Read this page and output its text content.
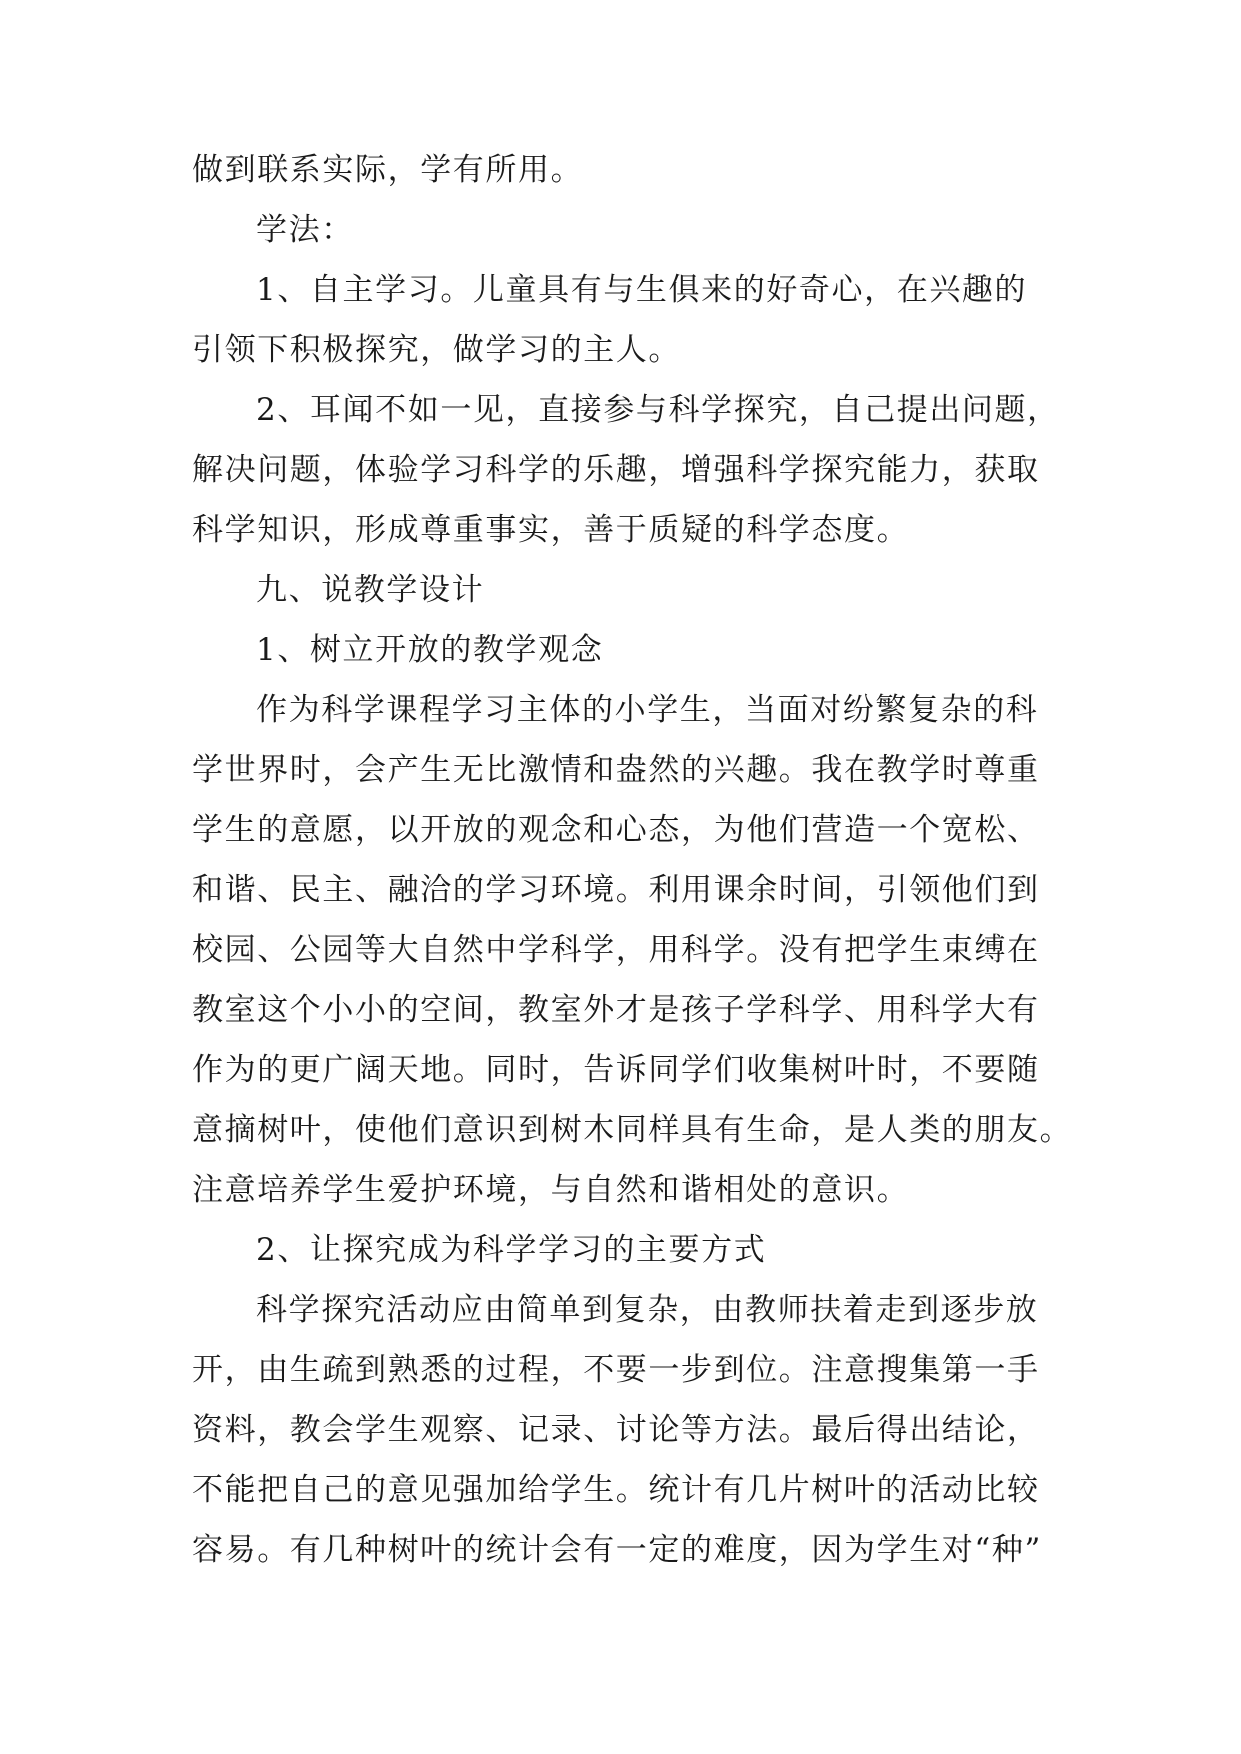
做到联系实际，学有所用。
学法：
1、自主学习。儿童具有与生俱来的好奇心，在兴趣的
引领下积极探究，做学习的主人。
2、耳闻不如一见，直接参与科学探究，自己提出问题，
解决问题，体验学习科学的乐趣，增强科学探究能力，获取
科学知识，形成尊重事实，善于质疑的科学态度。
九、说教学设计
1、树立开放的教学观念
作为科学课程学习主体的小学生，当面对纷繁复杂的科
学世界时，会产生无比激情和盎然的兴趣。我在教学时尊重
学生的意愿，以开放的观念和心态，为他们营造一个宽松、
和谐、民主、融洽的学习环境。利用课余时间，引领他们到
校园、公园等大自然中学科学，用科学。没有把学生束缚在
教室这个小小的空间，教室外才是孩子学科学、用科学大有
作为的更广阔天地。同时，告诉同学们收集树叶时，不要随
意摘树叶，使他们意识到树木同样具有生命，是人类的朋友。
注意培养学生爱护环境，与自然和谐相处的意识。
2、让探究成为科学学习的主要方式
科学探究活动应由简单到复杂，由教师扶着走到逐步放
开，由生疏到熟悉的过程，不要一步到位。注意搜集第一手
资料，教会学生观察、记录、讨论等方法。最后得出结论，
不能把自己的意见强加给学生。统计有几片树叶的活动比较
容易。有几种树叶的统计会有一定的难度，因为学生对“种”
